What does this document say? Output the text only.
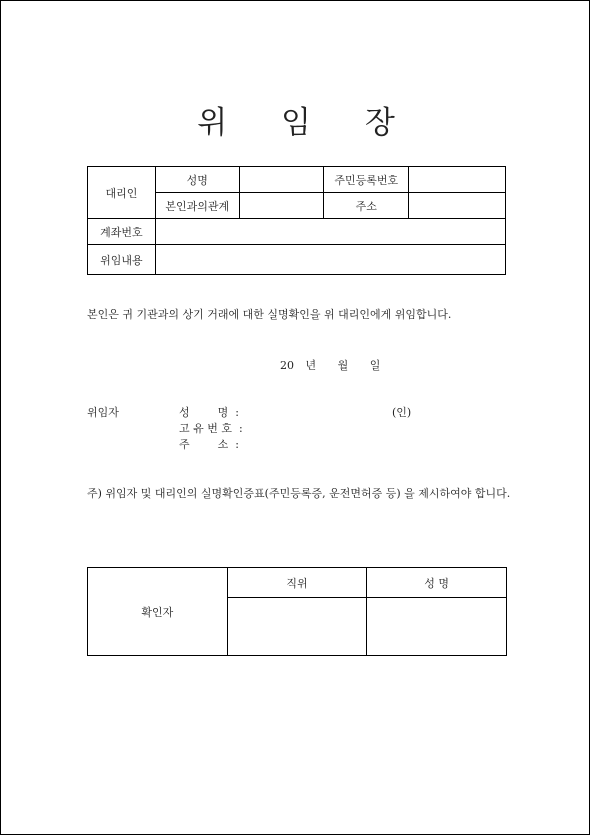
위 임 장
대리인	성명		주민등록번호	
	본인과의관계		주소	
계좌번호				
위임내용				
본인은 귀 기관과의 상기 거래에 대한 실명확인을 위 대리인에게 위임합니다.
20 년 월 일
위임자	성        명  :
고 유 번 호  :
주        소  :
(인)
주) 위임자 및 대리인의 실명확인증표(주민등록증, 운전면허증 등) 을 제시하여야 합니다.
확인자	직위	성 명
